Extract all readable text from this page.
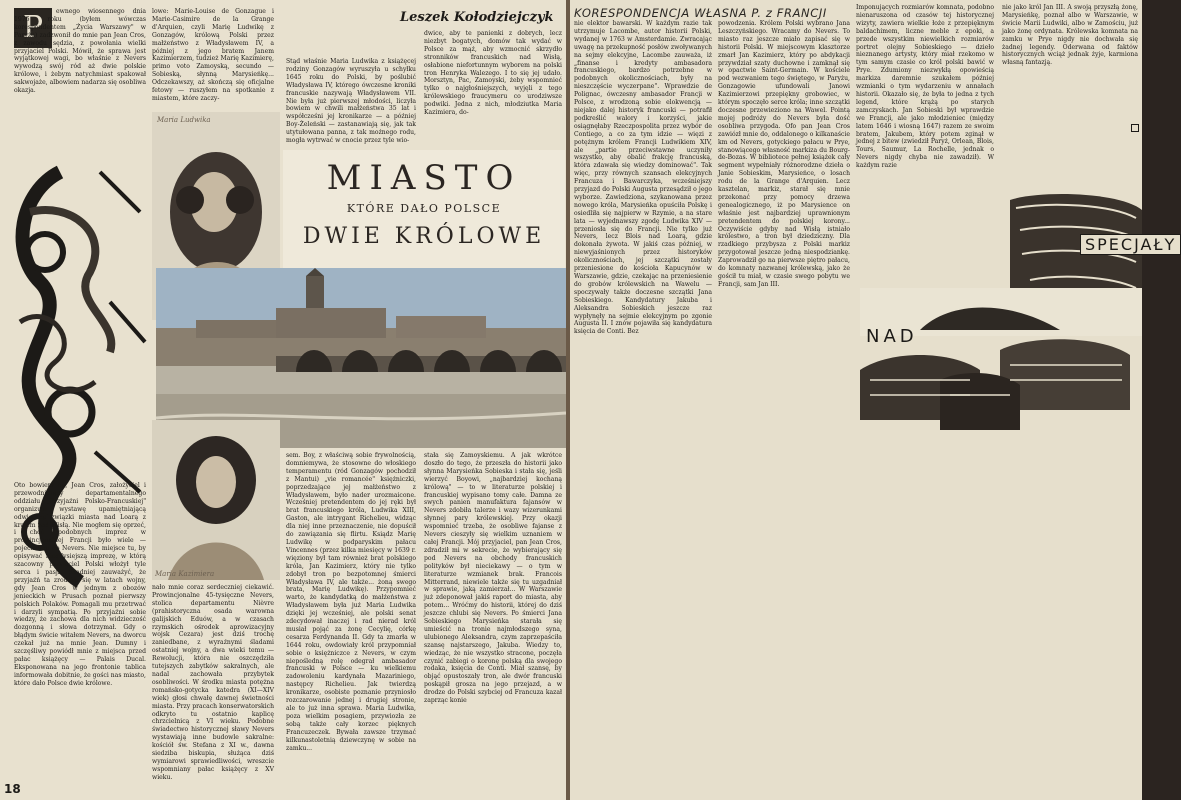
Leszek Kołodziejczyk
P	ewnego wiosennego dnia 1976 roku (byłem wówczas korespondentem „Życia Warszawy" w Paryżu) zadzwonił do mnie pan Jean Cros, z zawodu sędzia, z powołania wielki przyjaciel Polski. Mówił, że sprawa jest wyjątkowej wagi, bo właśnie z Nevers wywodzą swój ród aż dwie polskie królowe, i żebym natychmiast spakował sakwojaże, albowiem nadarza się osobliwa okazja.
Oto bowiem on, Jean Cros, założyciel i przewodniczący departamentalnego oddziału „Przyjaźni Polsko-Francuskiej" organizuje wystawę upamiętniającą odwieczne związki miasta nad Loarą z krajem nad Wisłą. Nie mogłem się oprzeć, i choć podobnych imprez w prowincjonalnej Francji było wiele — pojechałem do Nevers. Nie miejsce tu, by opisywać niegdysiejszą imprezę, w którą szacowny przyjaciel Polski włożył tyle serca i pasji. Snadniej zauważyć, że przyjaźń ta zrodziła się w latach wojny, gdy Jean Cros w jednym z obozów jenieckich w Prusach poznał pierwszy polskich Polaków. Pomagali mu przetrwać i darzyli sympatią. Po przyjaźni sobie wiedzy, że zachowa dla nich widzieczość dozgonną i słowa dotrzymał. Gdy o błądym świcie witałem Nevers, na dworcu czekał już na mnie Jean. Dumny i szczęśliwy powiódł mnie z miejsca przed pałac książęcy — Palais Ducal. Eksponowana na jego frontonie tablica informowała dobitnie, że gości nas miasto, które dało Polsce dwie królowe.
lowe: Marie-Louise de Gonzague i Marie-Casimire de la Grange d'Arquien, czyli Marię Ludwikę z Gonzagów, królową Polski przez małżeństwo z Władysławem IV, a później z jego bratem Janem Kazimierzem, tudzież Marię Kazimierę, primo voto Zamoyską, secundo — Sobieską, słynną Marysieńkę... Odczekawszy, aż skończą się oficjalne fetowy — ruszyłem na spotkanie z miastem, które zaczy-
Maria Ludwika
Stąd właśnie Maria Ludwika z książęcej rodziny Gonzagów wyruszyła u schyłku 1645 roku do Polski, by poślubić Władysława IV, którego ówczesne kroniki francuskie nazywają Władysławem VII. Nie była już pierwszej młodości, liczyła bowiem w chwili małżeństwa 35 lat i współcześni jej kronikarze — a później Boy-Żeleński — zastanawiają się, jak tak utytułowana panna, z tak możnego rodu, mogła wytrwać w cnocie przez tyle wio-
dwice, aby te panienki z dobrych, lecz niezbyt bogatych, domów tak wydać w Polsce za mąż, aby wzmocnić skrzydło stronników francuskich nad Wisłą, osłabione niefortunnym wyborem na polski tron Henryka Walezego. I to się jej udało. Morsztyn, Pac, Zamoyski, żeby wspomnieć tylko o najgłośniejszych, wyjęli z tego królewskiego fraucymeru co urodziwsze podwiki. Jedna z nich, młodziutka Maria Kazimiera, do-
MIASTO
KTÓRE DAŁO POLSCE
DWIE KRÓLOWE
Maria Kazimiera
nało mnie coraz serdeczniej ciekawić. Prowincjonalne 45-tysięczne Nevers, stolica departamentu Nièvre (prahistoryczna osada warowna galijskich Eduów, a w czasach rzymskich ośrodek aprowizacyjny wojsk Cezara) jest dziś trochę zaniedbane, z wyraźnymi śladami ostatniej wojny, a dwa wieki temu — Rewolucji, która nie oszczędziła tutejszych zabytków sakralnych, ale nadal zachowała przybytek osobliwości. W środku miasta potężna romańsko-gotycka katedra (XI—XIV wiek) głosi chwałę dawnej świetności miasta. Przy pracach konserwatorskich odkryto tu ostatnio kaplicę chrzcielnicą z VI wieku. Podobne świadectwo historycznej sławy Nevers wystawiają inne budowle sakralne: kościół św. Stefana z XI w., dawna siedziba biskupia, służąca dziś wymiarowi sprawiedliwości, wreszcie wspomniany pałac książęcy z XV wieku.
sem. Boy, z właściwą sobie frywolnością, domniemywa, że stosowne do włoskiego temperamentu (ród Gonzagów pochodził z Mantui) „vie romancée" księżniczki, poprzedzające jej małżeństwo z Władysławem, było nader urozmaicone. Wcześniej pretendentem do jej ręki był brat francuskiego króla, Ludwika XIII, Gaston, ale intrygant Richelieu, widząc dla niej inne przeznaczenie, nie dopuścił do zawiązania się flirtu. Ksiądz Marię Ludwikę w podparyskim pałacu Vincennes (przez kilka miesięcy w 1639 r. więziony był tam również brat polskiego króla, Jan Kazimierz, który nie tylko zdobył tron po bezpotomnej śmierci Władysława IV, ale także... żoną swego brata, Marię Ludwikę). Przypomnieć warto, że kandydatką do małżeństwa z Władysławem była już Maria Ludwika dzięki jej wcześniej, ale polski senat zdecydował inaczej i rad nierad król musiał pojąć za żonę Cecylię, córkę cesarza Ferdynanda II. Gdy ta zmarła w 1644 roku, owdowiały król przypomniał sobie o księżniczce z Nevers, w czym niepośledną rolę odegrał ambasador francuski w Polsce — ku wielkiemu zadowoleniu kardynała Mazariniego, następcy Richelieu. Jak twierdzą kronikarze, osobiste poznanie przyniosło rozczarowanie jednej i drugiej stronie, ale to już inna sprawa. Maria Ludwika, poza wielkim posagiem, przywiozła ze sobą także cały korzec pięknych Francuzeczek. Bywała zawsze trzymać kilkunastoletnią dziewczynę w sobie na zamku...
stała się Zamoyskiemu. A jak wkrótce doszło do tego, że przeszła do historii jako słynna Marysieńka Sobieska i stała się, jeśli wierzyć Boyowi, „najbardziej kochaną królową" — to w literaturze polskiej i francuskiej wypisano tomy całe. Damna ze swych panien manufaktura fajansów w Nevers zdobiła talerze i wazy wizerunkami słynnej pary królewskiej. Przy okazji wspomnieć trzeba, że osobliwe fajanse z Nevers cieszyły się wielkim uznaniem w całej Francji. Mój przyjaciel, pan Jean Cros, zdradził mi w sekrecie, że wybierający się pod Nevers na obchody francuskich polityków był nieciekawy — o tym w literaturze wzmianek brak. Francois Mitterrand, niewiele także się tu uzgadniał w sprawie, jaką zamierzał... W Warszawie już zdeponował jakiś raport do miasta, aby potem... Wróćmy do historii, której do dziś jeszcze chlubi się Nevers. Po śmierci Jana Sobieskiego Marysieńka starała się umieścić na tronie najmłodszego syna, ulubionego Aleksandra, czym zaprzepaściła szansę najstarszego, Jakuba. Wiedzy to, wiedząc, że nie wszystko stracone, poczęła czynić zabiegi o koronę polską dla swojego rodaka, księcia de Conti. Miał szansę, by objąć opustoszały tron, ale dwór francuski poskąpił grosza na jego przejazd, a w drodze do Polski szybciej od Francuza kazał zaprząc konie
18
KORESPONDENCJA WŁASNA P. z FRANCJI
nie elektor bawarski. W każdym razie tak utrzymuje Lacombe, autor historii Polski, wydanej w 1763 w Amsterdamie. Zwracając uwagę na przekupność posłów zwoływanych na sejmy elekcyjne, Lacombe zauważa, iż „finanse i kredyty ambasadora francuskiego, bardzo potrzebne w podobnych okolicznościach, były na nieszczęście wyczerpane". Wprawdzie de Polignac, ówczesny ambasador Francji w Polsce, z wrodzoną sobie elokwencją — niejako dalej historyk francuski — potrafił podkreślić walory i korzyści, jakie osiągnęłaby Rzeczpospolita przez wybór de Contiego, a co za tym idzie — więzi z potężnym królem Francji Ludwikiem XIV, ale „partie przeciwstawne uczyniły wszystko, aby obalić frakcję francuską, która zdawała się wiedzy dominować". Tak więc, przy równych szansach elekcyjnych Francuza i Bawarczyka, wcześniejszy przyjazd do Polski Augusta przesądził o jego wyborze. Zawiedziona, szykanowana przez nowego króla, Marysieńka opuściła Polskę i osiedliła się najpierw w Rzymie, a na stare lata — wyjednawszy zgodę Ludwika XIV — przeniosła się do Francji. Nie tylko już Nevers, lecz Blois nad Loarą, gdzie dokonała żywota. W jakiś czas później, w niewyjaśnionych przez historyków okolicznościach, jej szczątki zostały przeniesione do kościoła Kapucynów w Warszawie, gdzie, czekając na przeniesienie do grobów królewskich na Wawelu — spoczywały także doczesne szczątki Jana Sobieskiego. Kandydatury Jakuba i Aleksandra Sobieskich jeszcze raz wypłynęły na sejmie elekcyjnym po zgonie Augusta II. I znów pojawiła się kandydatura księcia de Conti. Bez
powodzenia. Królem Polski wybrano Jana Leszczyńskiego. Wracamy do Nevers. To miasto raz jeszcze miało zapisać się w historii Polski. W miejscowym klasztorze zmarł Jan Kazimierz, który po abdykacji przywdział szaty duchowne i zamknął się w opactwie Saint-Germain. W kościele pod wezwaniem tego świętego, w Paryżu, Gonzagowie ufundowali Janowi Kazimierzowi przepiękny grobowiec, w którym spoczęło serce króla; inne szczątki doczesne przewieziono na Wawel. Pointą mojej podróży do Nevers była dość osobliwa przygoda. Ofo pan Jean Cros zawiózł mnie do, oddalonego o kilkanaście km od Nevers, gotyckiego pałacu w Prye, stanowiącego własność markiza du Bourg-de-Bozas. W bibliotece pełnej książek cały segment wypełniały różnorodzne dzieła o Janie Sobieskim, Marysieńce, o losach rodu de la Grange d'Arquien. Lecz kasztelan, markiz, starał się mnie przekonać przy pomocy drzewa genealogicznego, iż po Marysience on właśnie jest najbardziej uprawnionym pretendentem do polskiej korony... Oczywiście gdyby nad Wisłą istniało królestwo, a tron był dziedziczny. Dla rzadkiego przybysza z Polski markiz przygotował jeszcze jedną niespodziankę. Zaprowadził go na pierwsze piętro pałacu, do komnaty nazwanej królewską, jako że gościł tu miał, w czasie swego pobytu we Francji, sam Jan III.
Imponujących rozmiarów komnata, podobno nienaruszona od czasów tej historycznej wizyty, zawiera wielkie łoże z przepięknym baldachimem, liczne meble z epoki, a przede wszystkim niewielkich rozmiarów portret olejny Sobieskiego — dzieło nieznanego artysty, który miał rzekomo w tym samym czasie co król polski bawić w Prye. Zdumiony niezwykłą opowieścią markiza daremnie szukałem później wzmianki o tym wydarzeniu w annałach historii. Okazało się, że była to jedna z tych legend, które krążą po starych zamczyskach. Jan Sobieski był wprawdzie we Francji, ale jako młodzieniec (między latem 1646 i wiosną 1647) razem ze swoim bratem, Jakubem, który potem zginął w jednej z bitew (zwiedził Paryż, Orlean, Blois, Tours, Saumur, La Rochelle, jednak o Nevers nigdy chyba nie zawadził). W każdym razie
nie jako król Jan III. A swoją przyszłą żonę, Marysieńkę, poznał albo w Warszawie, w świcie Marii Ludwiki, albo w Zamościu, już jako żonę ordynata. Królewska komnata na zamku w Prye nigdy nie dochwała się żadnej legendy. Oderwana od faktów historycznych wciąż jednak żyje, karmiona własną fantazją.
SPECJAŁY
NAD
